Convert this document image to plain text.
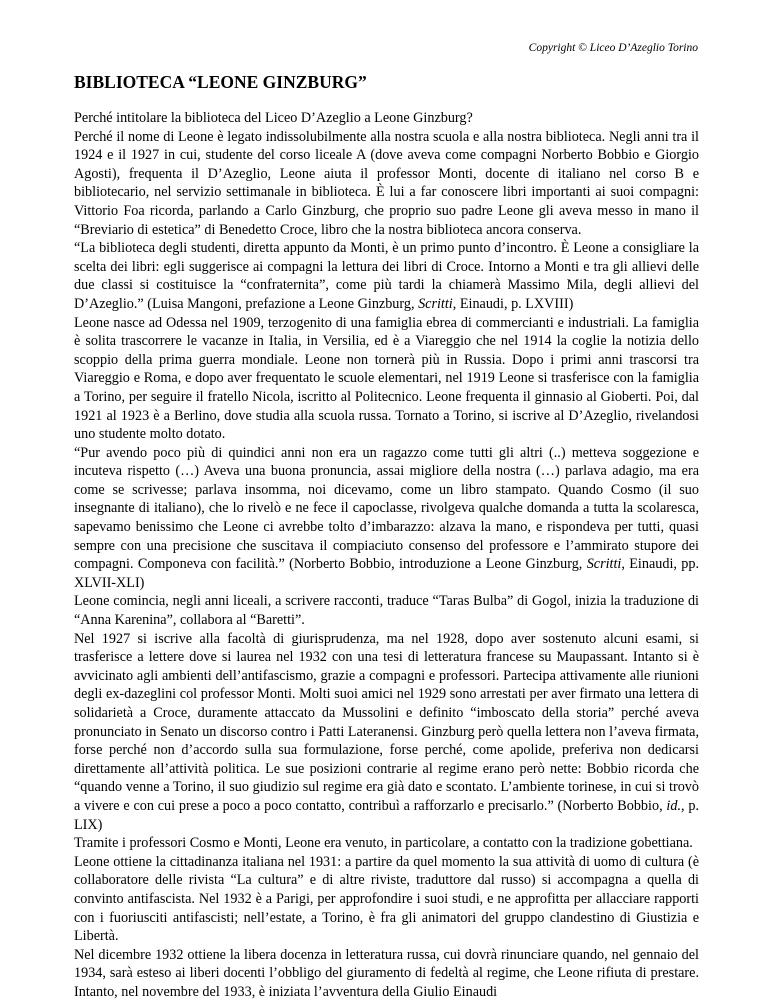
Copyright © Liceo D’Azeglio Torino
BIBLIOTECA “LEONE GINZBURG”

Perché intitolare la biblioteca del Liceo D’Azeglio a Leone Ginzburg?

Perché il nome di Leone è legato indissolubilmente alla nostra scuola e alla nostra biblioteca. Negli anni tra il 1924 e il 1927 in cui, studente del corso liceale A (dove aveva come compagni Norberto Bobbio e Giorgio Agosti), frequenta il D’Azeglio, Leone aiuta il professor Monti, docente di italiano nel corso B e bibliotecario, nel servizio settimanale in biblioteca. È lui a far conoscere libri importanti ai suoi compagni: Vittorio Foa ricorda, parlando a Carlo Ginzburg, che proprio suo padre Leone gli aveva messo in mano il “Breviario di estetica” di Benedetto Croce, libro che la nostra biblioteca ancora conserva.

“La biblioteca degli studenti, diretta appunto da Monti, è un primo punto d’incontro. È Leone a consigliare la scelta dei libri: egli suggerisce ai compagni la lettura dei libri di Croce. Intorno a Monti e tra gli allievi delle due classi si costituisce la “confraternita”, come più tardi la chiamerà Massimo Mila, degli allievi del D’Azeglio.” (Luisa Mangoni, prefazione a Leone Ginzburg, Scritti, Einaudi, p. LXVIII)

Leone nasce ad Odessa nel 1909, terzogenito di una famiglia ebrea di commercianti e industriali. La famiglia è solita trascorrere le vacanze in Italia, in Versilia, ed è a Viareggio che nel 1914 la coglie la notizia dello scoppio della prima guerra mondiale. Leone non tornerà più in Russia. Dopo i primi anni trascorsi tra Viareggio e Roma, e dopo aver frequentato le scuole elementari, nel 1919 Leone si trasferisce con la famiglia a Torino, per seguire il fratello Nicola, iscritto al Politecnico. Leone frequenta il ginnasio al Gioberti. Poi, dal 1921 al 1923 è a Berlino, dove studia alla scuola russa. Tornato a Torino, si iscrive al D’Azeglio, rivelandosi uno studente molto dotato.

“Pur avendo poco più di quindici anni non era un ragazzo come tutti gli altri (..) metteva soggezione e incuteva rispetto (…) Aveva una buona pronuncia, assai migliore della nostra (…) parlava adagio, ma era come se scrivesse; parlava insomma, noi dicevamo, come un libro stampato. Quando Cosmo (il suo insegnante di italiano), che lo rivelò e ne fece il capoclasse, rivolgeva qualche domanda a tutta la scolaresca, sapevamo benissimo che Leone ci avrebbe tolto d’imbarazzo: alzava la mano, e rispondeva per tutti, quasi sempre con una precisione che suscitava il compiaciuto consenso del professore e l’ammirato stupore dei compagni. Componeva con facilità.” (Norberto Bobbio, introduzione a Leone Ginzburg, Scritti, Einaudi, pp. XLVII-XLI)

Leone comincia, negli anni liceali, a scrivere racconti, traduce “Taras Bulba” di Gogol, inizia la traduzione di “Anna Karenina”, collabora al “Baretti”.

Nel 1927 si iscrive alla facoltà di giurisprudenza, ma nel 1928, dopo aver sostenuto alcuni esami, si trasferisce a lettere dove si laurea nel 1932 con una tesi di letteratura francese su Maupassant. Intanto si è avvicinato agli ambienti dell’antifascismo, grazie a compagni e professori. Partecipa attivamente alle riunioni degli ex-dazeglini col professor Monti. Molti suoi amici nel 1929 sono arrestati per aver firmato una lettera di solidarietà a Croce, duramente attaccato da Mussolini e definito “imboscato della storia” perché aveva pronunciato in Senato un discorso contro i Patti Lateranensi. Ginzburg però quella lettera non l’aveva firmata, forse perché non d’accordo sulla sua formulazione, forse perché, come apolide, preferiva non dedicarsi direttamente all’attività politica. Le sue posizioni contrarie al regime erano però nette: Bobbio ricorda che “quando venne a Torino, il suo giudizio sul regime era già dato e scontato. L’ambiente torinese, in cui si trovò a vivere e con cui prese a poco a poco contatto, contribuì a rafforzarlo e precisarlo.” (Norberto Bobbio, id., p. LIX)

Tramite i professori Cosmo e Monti, Leone era venuto, in particolare, a contatto con la tradizione gobettiana.

Leone ottiene la cittadinanza italiana nel 1931: a partire da quel momento la sua attività di uomo di cultura (è collaboratore delle rivista “La cultura” e di altre riviste, traduttore dal russo) si accompagna a quella di convinto antifascista. Nel 1932 è a Parigi, per approfondire i suoi studi, e ne approfitta per allacciare rapporti con i fuoriusciti antifascisti; nell’estate, a Torino, è fra gli animatori del gruppo clandestino di Giustizia e Libertà.

Nel dicembre 1932 ottiene la libera docenza in letteratura russa, cui dovrà rinunciare quando, nel gennaio del 1934, sarà esteso ai liberi docenti l’obbligo del giuramento di fedeltà al regime, che Leone rifiuta di prestare. Intanto, nel novembre del 1933, è iniziata l’avventura della Giulio Einaudi
